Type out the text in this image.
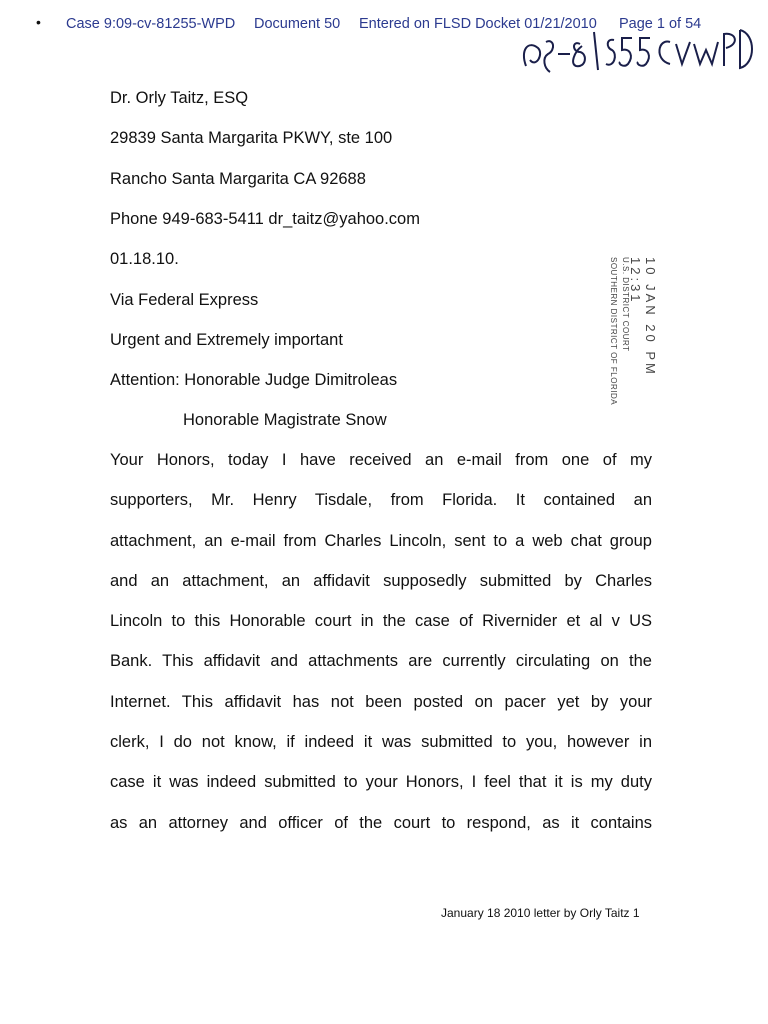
• Case 9:09-cv-81255-WPD Document 50 Entered on FLSD Docket 01/21/2010 Page 1 of 54
Dr. Orly Taitz, ESQ
29839 Santa Margarita PKWY, ste 100
Rancho Santa Margarita CA 92688
Phone 949-683-5411 dr_taitz@yahoo.com
01.18.10.
Via Federal Express
Urgent and Extremely important
Attention: Honorable Judge Dimitroleas
Honorable Magistrate Snow
10 JAN 20 PM 12:31
U.S. DISTRICT COURT
SOUTHERN DISTRICT OF FLORIDA
Your Honors, today I have received an e-mail from one of my
supporters, Mr. Henry Tisdale, from Florida. It contained an
attachment, an e-mail from Charles Lincoln, sent to a web chat group
and an attachment, an affidavit supposedly submitted by Charles
Lincoln to this Honorable court in the case of Rivernider et al v US
Bank. This affidavit and attachments are currently circulating on the
Internet. This affidavit has not been posted on pacer yet by your
clerk, I do not know, if indeed it was submitted to you, however in
case it was indeed submitted to your Honors, I feel that it is my duty
as an attorney and officer of the court to respond, as it contains
January 18 2010 letter by Orly Taitz 1
